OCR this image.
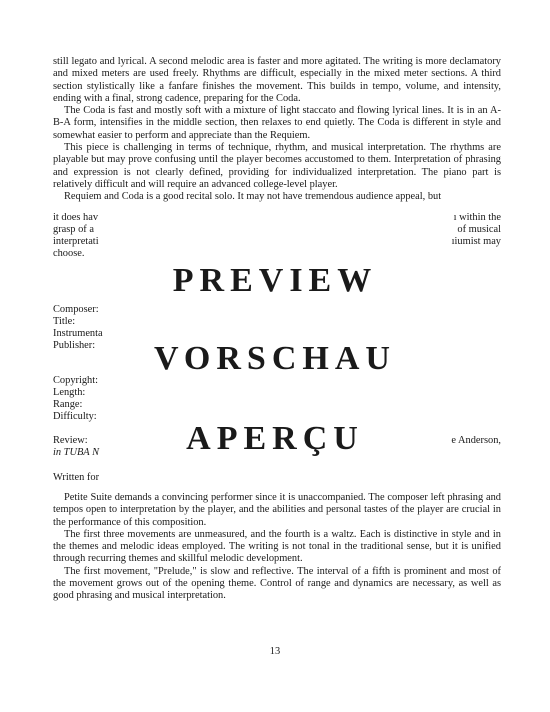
still legato and lyrical. A second melodic area is faster and more agitated. The writing is more declamatory and mixed meters are used freely. Rhythms are difficult, especially in the mixed meter sections. A third section stylistically like a fanfare finishes the movement. This builds in tempo, volume, and intensity, ending with a final, strong cadence, preparing for the Coda.

The Coda is fast and mostly soft with a mixture of light staccato and flowing lyrical lines. It is in an A-B-A form, intensifies in the middle section, then relaxes to end quietly. The Coda is different in style and somewhat easier to perform and appreciate than the Requiem.

This piece is challenging in terms of technique, rhythm, and musical interpretation. The rhythms are playable but may prove confusing until the player becomes accustomed to them. Interpretation of phrasing and expression is not clearly defined, providing for individualized interpretation. The piano part is relatively difficult and will require an advanced college-level player.

Requiem and Coda is a good recital solo. It may not have tremendous audience appeal, but

it does hav	ı within the
grasp of a	of musical
interpretati	ıiumist may
choose.
Composer:
Title:
Instrumenta
Publisher:
Copyright:
Length:
Range:
Difficulty:
Review:	e Anderson,
in TUBA N
Written for
PREVIEW
VORSCHAU
APERÇU

Petite Suite demands a convincing performer since it is unaccompanied. The composer left phrasing and tempos open to interpretation by the player, and the abilities and personal tastes of the player are crucial in the performance of this composition.

The first three movements are unmeasured, and the fourth is a waltz. Each is distinctive in style and in the themes and melodic ideas employed. The writing is not tonal in the traditional sense, but it is unified through recurring themes and skillful melodic development.

The first movement, "Prelude," is slow and reflective. The interval of a fifth is prominent and most of the movement grows out of the opening theme. Control of range and dynamics are necessary, as well as good phrasing and musical interpretation.

13
